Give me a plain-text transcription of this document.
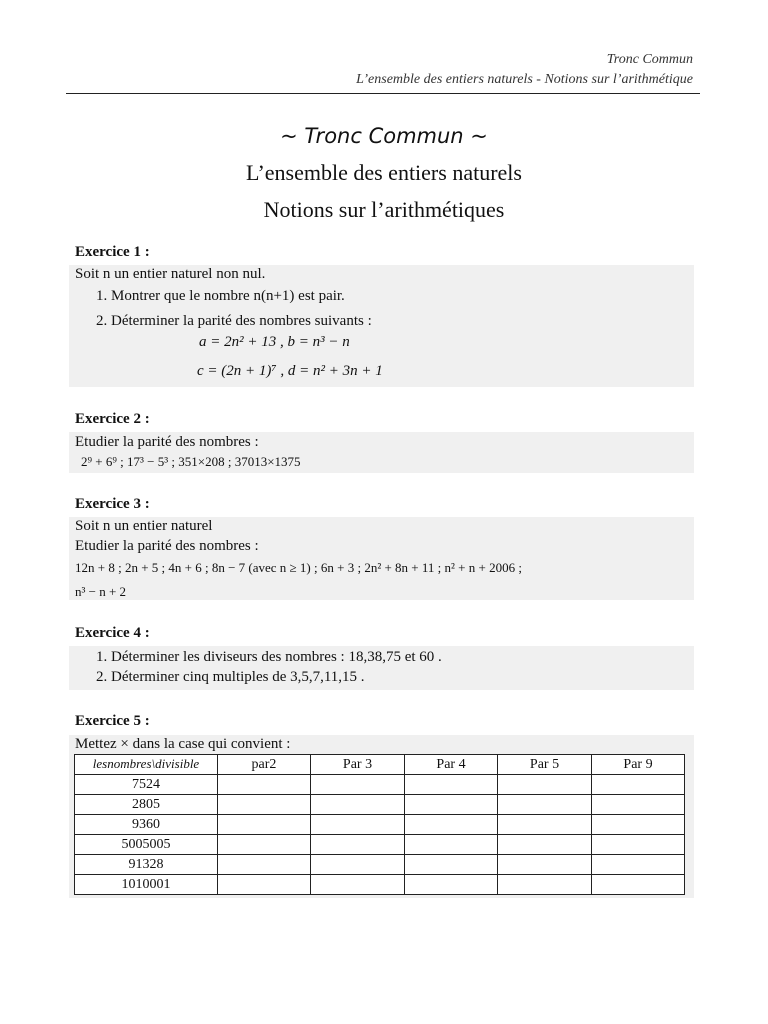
Tronc Commun
L’ensemble des entiers naturels - Notions sur l’arithmétique
~ Tronc Commun ~
L’ensemble des entiers naturels
Notions sur l’arithmétiques
Exercice 1 :
Soit n un entier naturel non nul.
1. Montrer que le nombre n(n+1) est pair.
2. Déterminer la parité des nombres suivants :
a = 2n² + 13 , b = n³ − n
c = (2n + 1)⁷ , d = n² + 3n + 1
Exercice 2 :
Etudier la parité des nombres :
2⁹ + 6⁹ ; 17³ − 5³ ; 351×208 ; 37013×1375
Exercice 3 :
Soit n un entier naturel
Etudier la parité des nombres :
12n + 8 ; 2n + 5 ; 4n + 6 ; 8n − 7 (avec n ≥ 1) ; 6n + 3 ; 2n² + 8n + 11 ; n² + n + 2006 ;
n³ − n + 2
Exercice 4 :
1. Déterminer les diviseurs des nombres : 18,38,75 et 60 .
2. Déterminer cinq multiples de 3,5,7,11,15 .
Exercice 5 :
Mettez × dans la case qui convient :
lesnombres\divisible	par2	Par 3	Par 4	Par 5	Par 9
7524					
2805					
9360					
5005005					
91328					
1010001					
